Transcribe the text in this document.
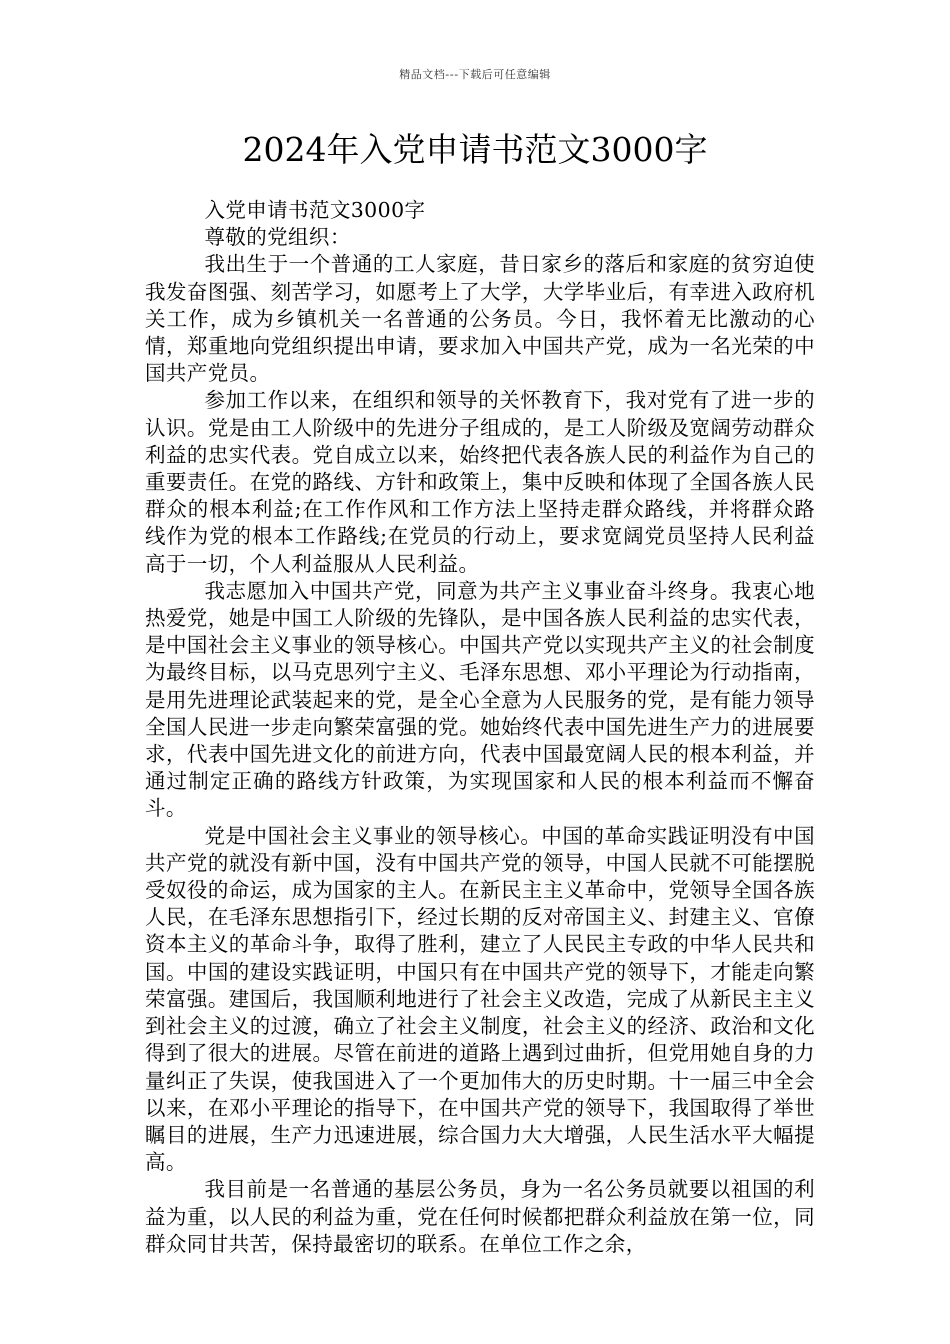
精品文档---下载后可任意编辑
2024年入党申请书范文3000字

入党申请书范文3000字

尊敬的党组织：

我出生于一个普通的工人家庭，昔日家乡的落后和家庭的贫穷迫使我发奋图强、刻苦学习，如愿考上了大学，大学毕业后，有幸进入政府机关工作，成为乡镇机关一名普通的公务员。今日，我怀着无比激动的心情，郑重地向党组织提出申请，要求加入中国共产党，成为一名光荣的中国共产党员。

参加工作以来，在组织和领导的关怀教育下，我对党有了进一步的认识。党是由工人阶级中的先进分子组成的，是工人阶级及宽阔劳动群众利益的忠实代表。党自成立以来，始终把代表各族人民的利益作为自己的重要责任。在党的路线、方针和政策上，集中反映和体现了全国各族人民群众的根本利益;在工作作风和工作方法上坚持走群众路线，并将群众路线作为党的根本工作路线;在党员的行动上，要求宽阔党员坚持人民利益高于一切，个人利益服从人民利益。

我志愿加入中国共产党，同意为共产主义事业奋斗终身。我衷心地热爱党，她是中国工人阶级的先锋队，是中国各族人民利益的忠实代表，是中国社会主义事业的领导核心。中国共产党以实现共产主义的社会制度为最终目标，以马克思列宁主义、毛泽东思想、邓小平理论为行动指南，是用先进理论武装起来的党，是全心全意为人民服务的党，是有能力领导全国人民进一步走向繁荣富强的党。她始终代表中国先进生产力的进展要求，代表中国先进文化的前进方向，代表中国最宽阔人民的根本利益，并通过制定正确的路线方针政策，为实现国家和人民的根本利益而不懈奋斗。

党是中国社会主义事业的领导核心。中国的革命实践证明没有中国共产党的就没有新中国，没有中国共产党的领导，中国人民就不可能摆脱受奴役的命运，成为国家的主人。在新民主主义革命中，党领导全国各族人民，在毛泽东思想指引下，经过长期的反对帝国主义、封建主义、官僚资本主义的革命斗争，取得了胜利，建立了人民民主专政的中华人民共和国。中国的建设实践证明，中国只有在中国共产党的领导下，才能走向繁荣富强。建国后，我国顺利地进行了社会主义改造，完成了从新民主主义到社会主义的过渡，确立了社会主义制度，社会主义的经济、政治和文化得到了很大的进展。尽管在前进的道路上遇到过曲折，但党用她自身的力量纠正了失误，使我国进入了一个更加伟大的历史时期。十一届三中全会以来，在邓小平理论的指导下，在中国共产党的领导下，我国取得了举世瞩目的进展，生产力迅速进展，综合国力大大增强，人民生活水平大幅提高。

我目前是一名普通的基层公务员，身为一名公务员就要以祖国的利益为重，以人民的利益为重，党在任何时候都把群众利益放在第一位，同群众同甘共苦，保持最密切的联系。在单位工作之余，
